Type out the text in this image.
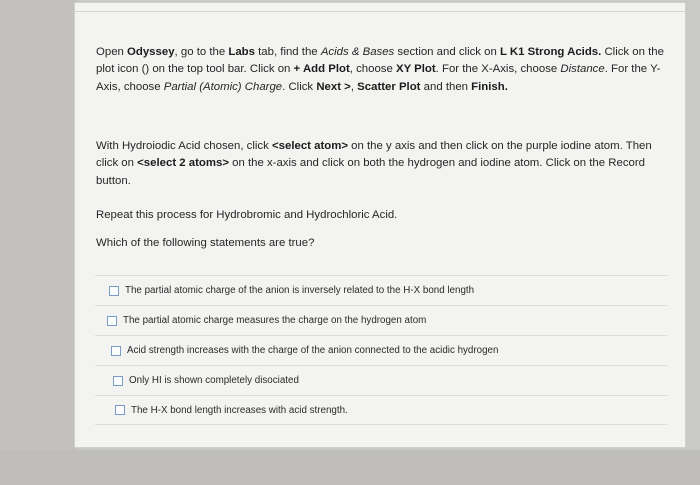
Open Odyssey, go to the Labs tab, find the Acids & Bases section and click on L K1 Strong Acids. Click on the plot icon () on the top tool bar. Click on + Add Plot, choose XY Plot. For the X-Axis, choose Distance. For the Y-Axis, choose Partial (Atomic) Charge. Click Next >, Scatter Plot and then Finish.

With Hydroiodic Acid chosen, click <select atom> on the y axis and then click on the purple iodine atom. Then click on <select 2 atoms> on the x-axis and click on both the hydrogen and iodine atom. Click on the Record button.

Repeat this process for Hydrobromic and Hydrochloric Acid.

Which of the following statements are true?

The partial atomic charge of the anion is inversely related to the H-X bond length
The partial atomic charge measures the charge on the hydrogen atom
Acid strength increases with the charge of the anion connected to the acidic hydrogen
Only HI is shown completely disociated
The H-X bond length increases with acid strength.
